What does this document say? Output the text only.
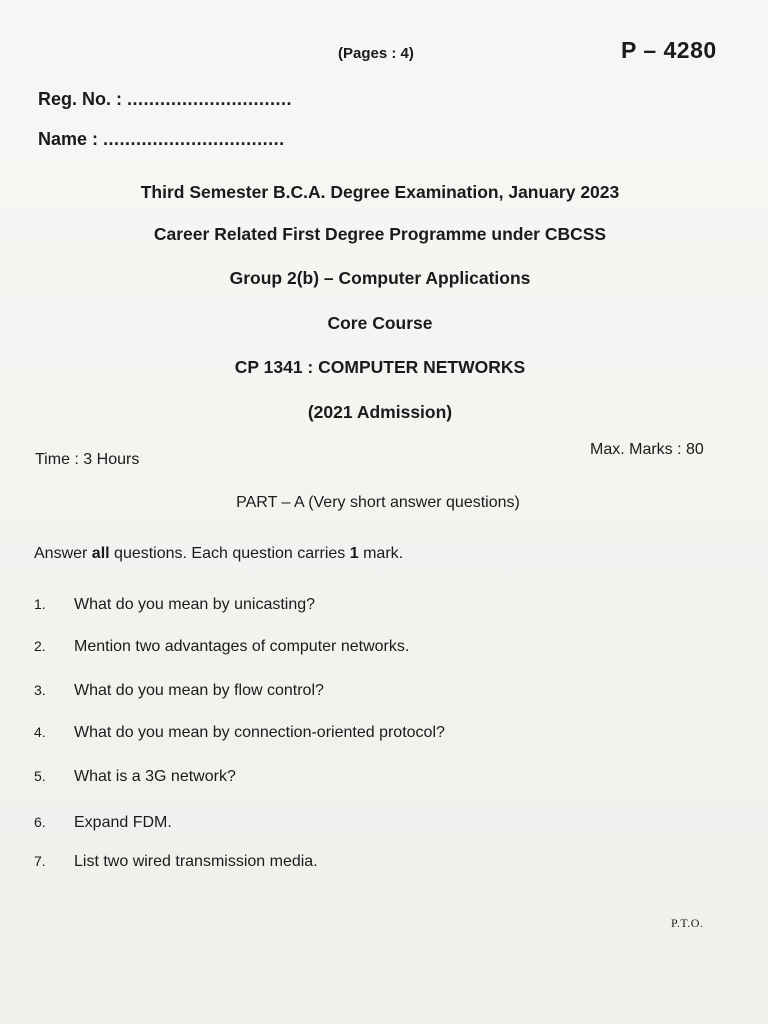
(Pages : 4)	P – 4280
Reg. No. : ..............................
Name : .................................
Third Semester B.C.A. Degree Examination, January 2023
Career Related First Degree Programme under CBCSS
Group 2(b) – Computer Applications
Core Course
CP 1341 : COMPUTER NETWORKS
(2021 Admission)
Time : 3 Hours
Max. Marks : 80
PART – A (Very short answer questions)
Answer all questions. Each question carries 1 mark.
1. What do you mean by unicasting?
2. Mention two advantages of computer networks.
3. What do you mean by flow control?
4. What do you mean by connection-oriented protocol?
5. What is a 3G network?
6. Expand FDM.
7. List two wired transmission media.
P.T.O.
